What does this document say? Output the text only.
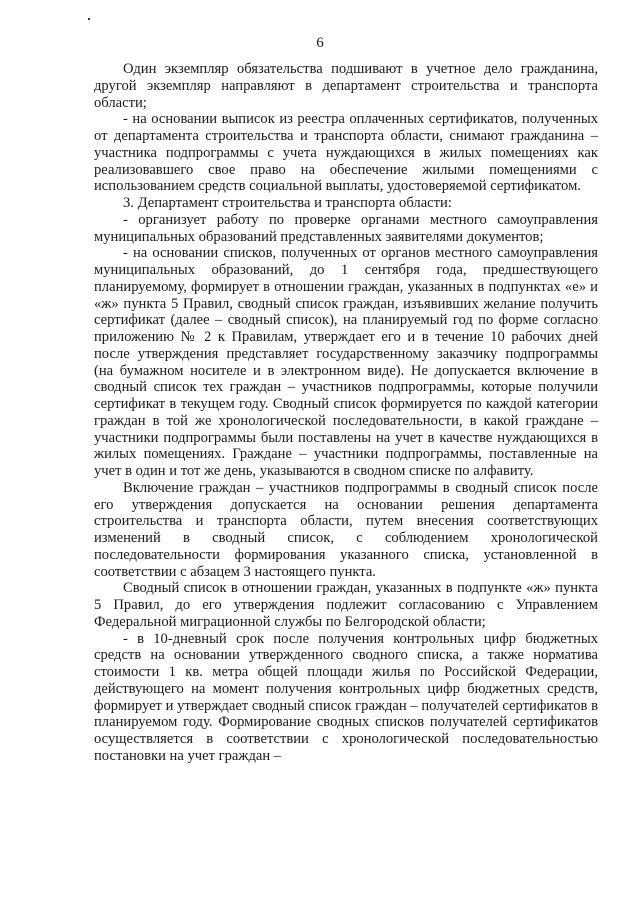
6

Один экземпляр обязательства подшивают в учетное дело гражданина, другой экземпляр направляют в департамент строительства и транспорта области;

- на основании выписок из реестра оплаченных сертификатов, полученных от департамента строительства и транспорта области, снимают гражданина – участника подпрограммы с учета нуждающихся в жилых помещениях как реализовавшего свое право на обеспечение жилыми помещениями с использованием средств социальной выплаты, удостоверяемой сертификатом.

3. Департамент строительства и транспорта области:

- организует работу по проверке органами местного самоуправления муниципальных образований представленных заявителями документов;

- на основании списков, полученных от органов местного самоуправления муниципальных образований, до 1 сентября года, предшествующего планируемому, формирует в отношении граждан, указанных в подпунктах «е» и «ж» пункта 5 Правил, сводный список граждан, изъявивших желание получить сертификат (далее – сводный список), на планируемый год по форме согласно приложению № 2 к Правилам, утверждает его и в течение 10 рабочих дней после утверждения представляет государственному заказчику подпрограммы (на бумажном носителе и в электронном виде). Не допускается включение в сводный список тех граждан – участников подпрограммы, которые получили сертификат в текущем году. Сводный список формируется по каждой категории граждан в той же хронологической последовательности, в какой граждане – участники подпрограммы были поставлены на учет в качестве нуждающихся в жилых помещениях. Граждане – участники подпрограммы, поставленные на учет в один и тот же день, указываются в сводном списке по алфавиту.

Включение граждан – участников подпрограммы в сводный список после его утверждения допускается на основании решения департамента строительства и транспорта области, путем внесения соответствующих изменений в сводный список, с соблюдением хронологической последовательности формирования указанного списка, установленной в соответствии с абзацем 3 настоящего пункта.

Сводный список в отношении граждан, указанных в подпункте «ж» пункта 5 Правил, до его утверждения подлежит согласованию с Управлением Федеральной миграционной службы по Белгородской области;

- в 10-дневный срок после получения контрольных цифр бюджетных средств на основании утвержденного сводного списка, а также норматива стоимости 1 кв. метра общей площади жилья по Российской Федерации, действующего на момент получения контрольных цифр бюджетных средств, формирует и утверждает сводный список граждан – получателей сертификатов в планируемом году. Формирование сводных списков получателей сертификатов осуществляется в соответствии с хронологической последовательностью постановки на учет граждан –
